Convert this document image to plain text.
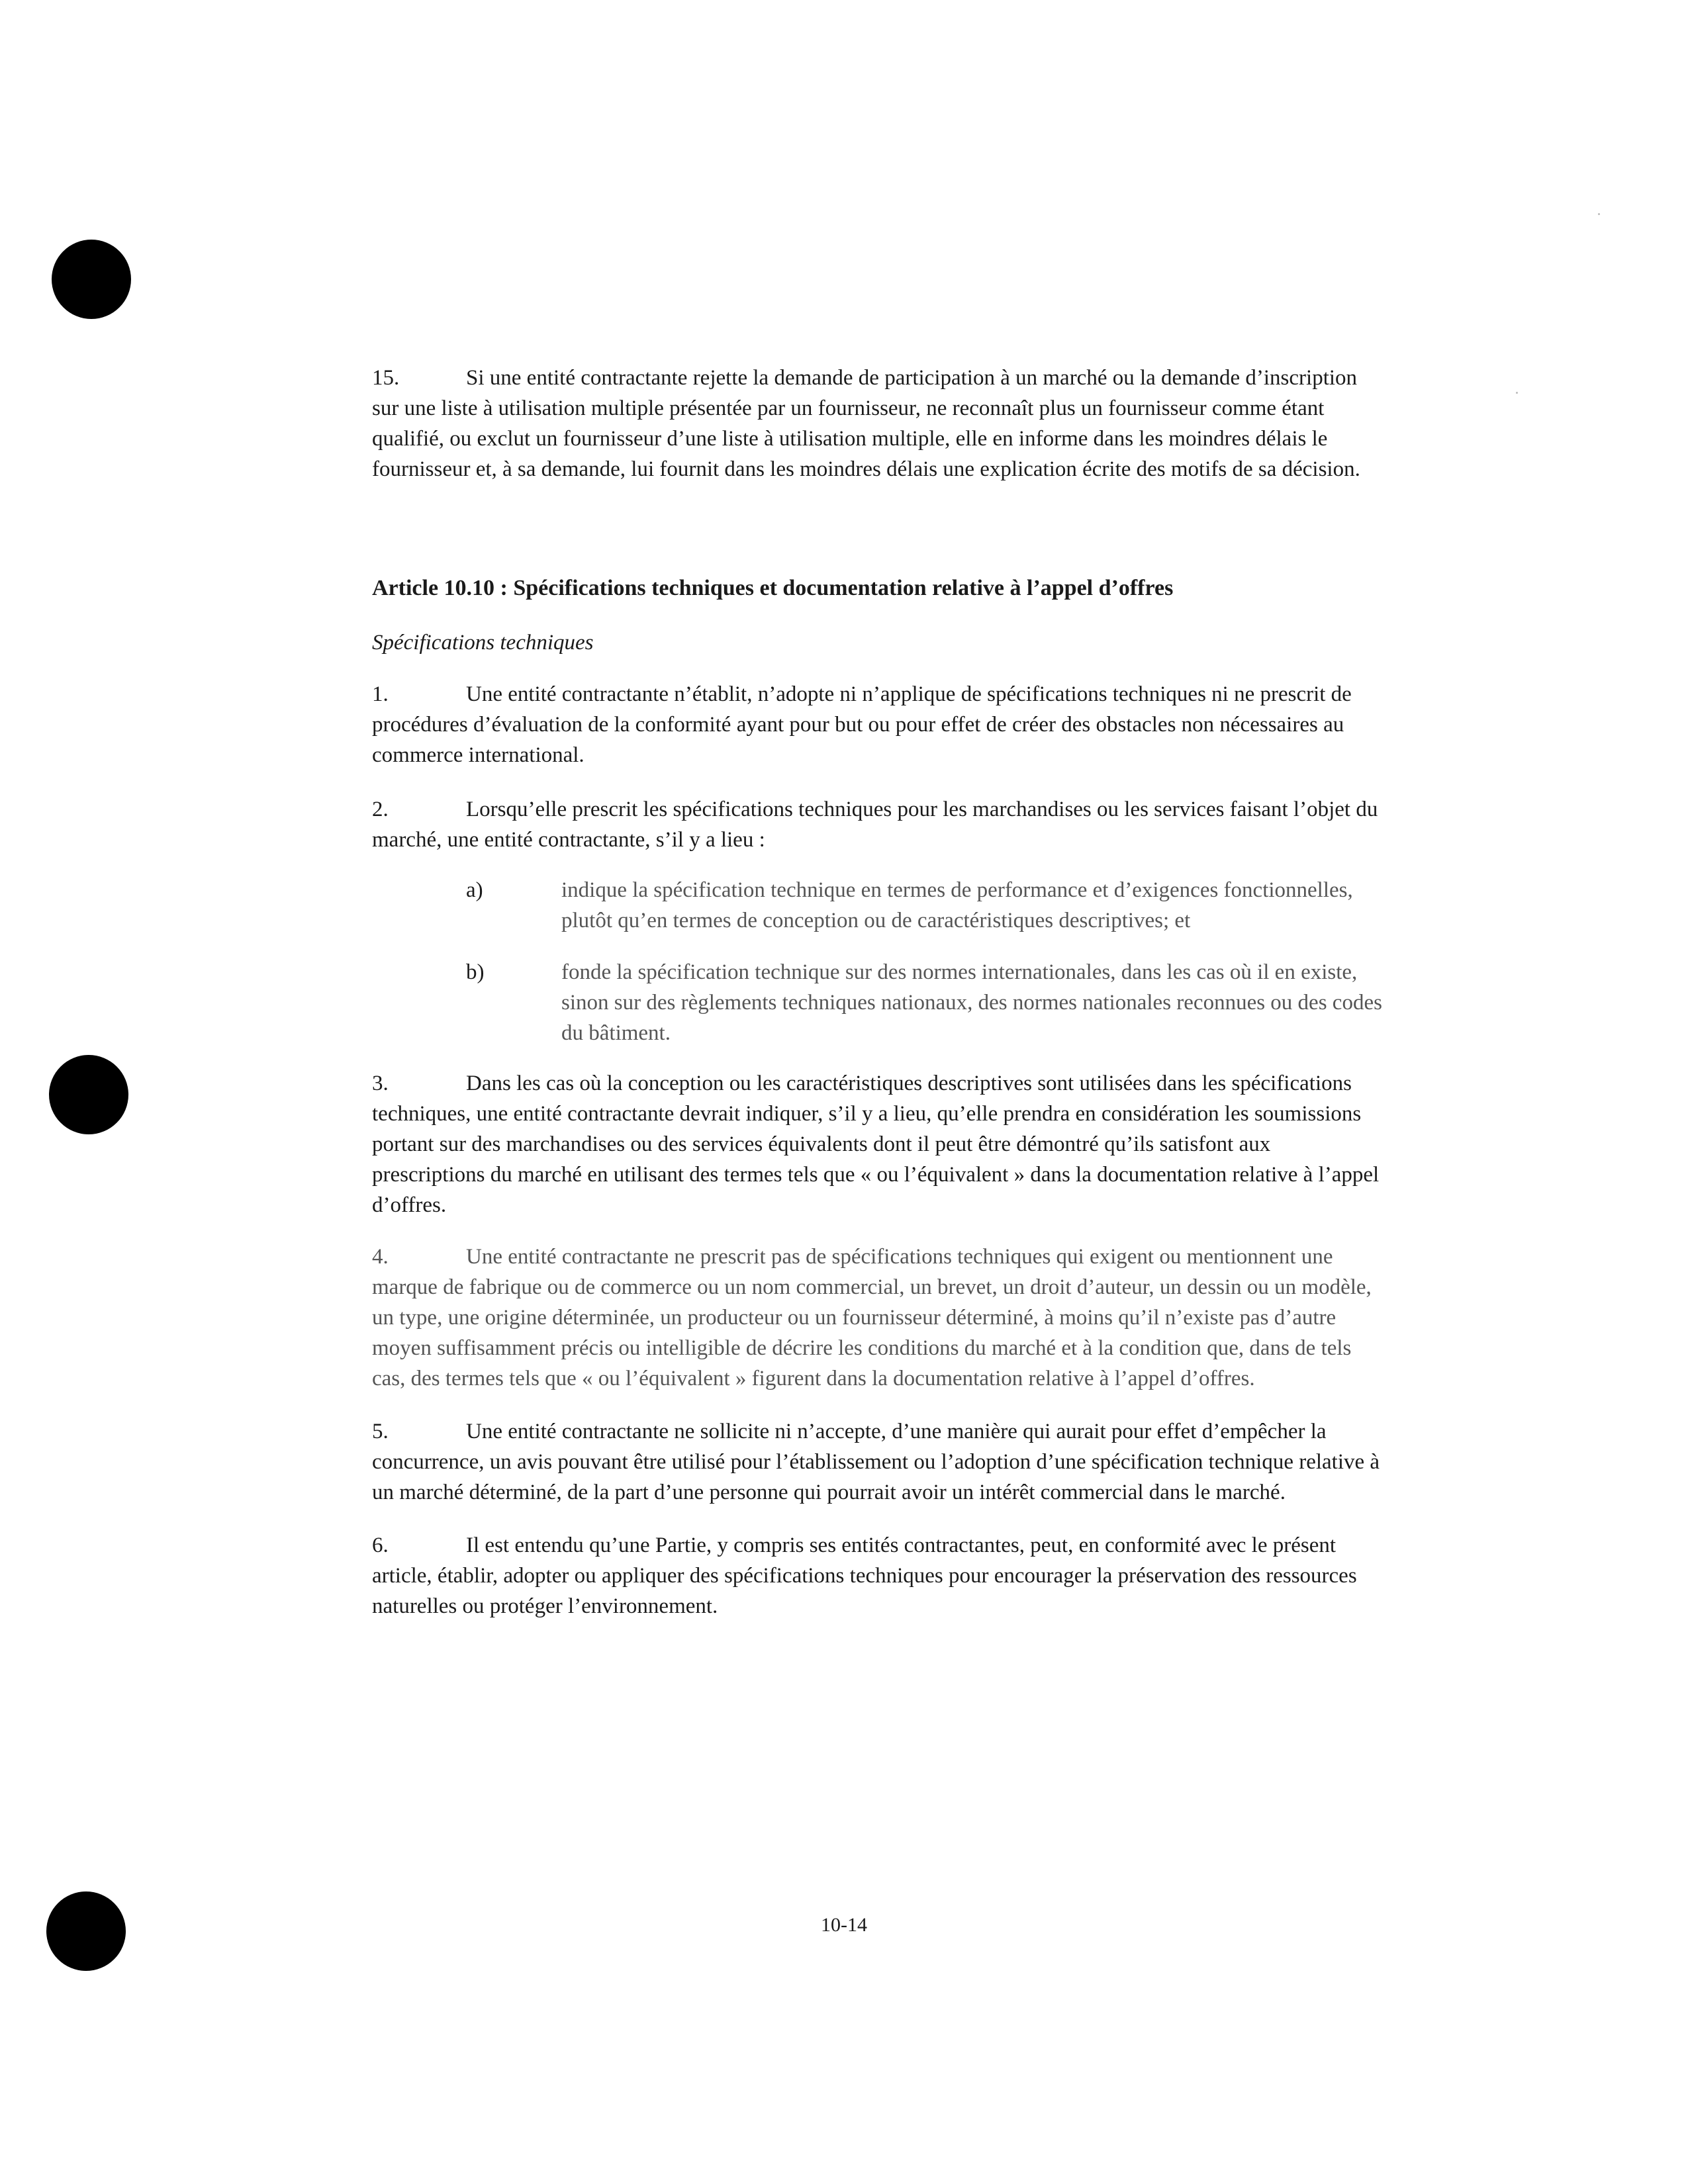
15.	Si une entité contractante rejette la demande de participation à un marché ou la demande d’inscription sur une liste à utilisation multiple présentée par un fournisseur, ne reconnaît plus un fournisseur comme étant qualifié, ou exclut un fournisseur d’une liste à utilisation multiple, elle en informe dans les moindres délais le fournisseur et, à sa demande, lui fournit dans les moindres délais une explication écrite des motifs de sa décision.

Article 10.10 : Spécifications techniques et documentation relative à l’appel d’offres

Spécifications techniques

1.	Une entité contractante n’établit, n’adopte ni n’applique de spécifications techniques ni ne prescrit de procédures d’évaluation de la conformité ayant pour but ou pour effet de créer des obstacles non nécessaires au commerce international.

2.	Lorsqu’elle prescrit les spécifications techniques pour les marchandises ou les services faisant l’objet du marché, une entité contractante, s’il y a lieu :

a)	indique la spécification technique en termes de performance et d’exigences fonctionnelles, plutôt qu’en termes de conception ou de caractéristiques descriptives; et
b)	fonde la spécification technique sur des normes internationales, dans les cas où il en existe, sinon sur des règlements techniques nationaux, des normes nationales reconnues ou des codes du bâtiment.

3.	Dans les cas où la conception ou les caractéristiques descriptives sont utilisées dans les spécifications techniques, une entité contractante devrait indiquer, s’il y a lieu, qu’elle prendra en considération les soumissions portant sur des marchandises ou des services équivalents dont il peut être démontré qu’ils satisfont aux prescriptions du marché en utilisant des termes tels que « ou l’équivalent » dans la documentation relative à l’appel d’offres.

4.	Une entité contractante ne prescrit pas de spécifications techniques qui exigent ou mentionnent une marque de fabrique ou de commerce ou un nom commercial, un brevet, un droit d’auteur, un dessin ou un modèle, un type, une origine déterminée, un producteur ou un fournisseur déterminé, à moins qu’il n’existe pas d’autre moyen suffisamment précis ou intelligible de décrire les conditions du marché et à la condition que, dans de tels cas, des termes tels que « ou l’équivalent » figurent dans la documentation relative à l’appel d’offres.

5.	Une entité contractante ne sollicite ni n’accepte, d’une manière qui aurait pour effet d’empêcher la concurrence, un avis pouvant être utilisé pour l’établissement ou l’adoption d’une spécification technique relative à un marché déterminé, de la part d’une personne qui pourrait avoir un intérêt commercial dans le marché.

6.	Il est entendu qu’une Partie, y compris ses entités contractantes, peut, en conformité avec le présent article, établir, adopter ou appliquer des spécifications techniques pour encourager la préservation des ressources naturelles ou protéger l’environnement.

10-14
